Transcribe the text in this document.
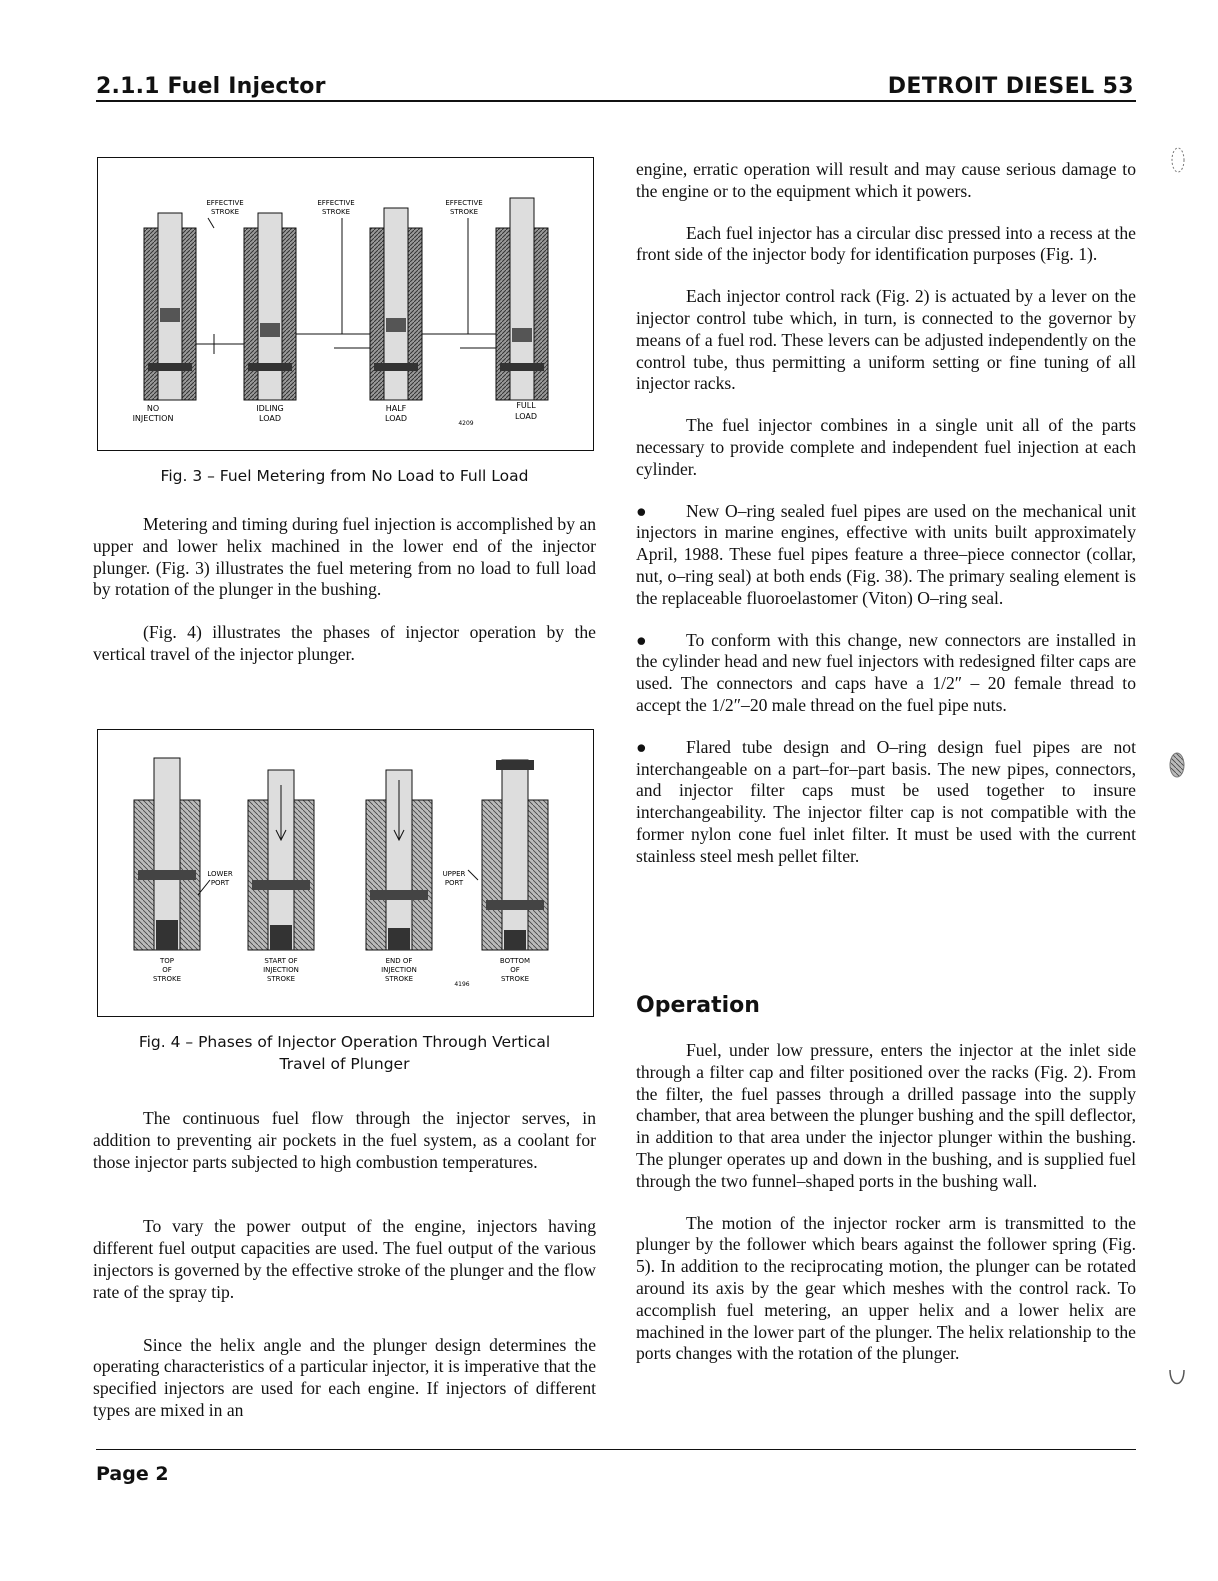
2.1.1 Fuel Injector	DETROIT DIESEL 53
EFFECTIVE
STROKE
EFFECTIVE
STROKE
EFFECTIVE
STROKE
NO
INJECTION
IDLING
LOAD
HALF
LOAD
FULL
LOAD
4209
Fig. 3 – Fuel Metering from No Load to Full Load

Metering and timing during fuel injection is accomplished by an upper and lower helix machined in the lower end of the injector plunger. (Fig. 3) illustrates the fuel metering from no load to full load by rotation of the plunger in the bushing.

(Fig. 4) illustrates the phases of injector operation by the vertical travel of the injector plunger.

LOWER
PORT
UPPER
PORT
TOP
OF
STROKE
START OF
INJECTION
STROKE
END OF
INJECTION
STROKE
BOTTOM
OF
STROKE
4196
Fig. 4 – Phases of Injector Operation Through Vertical
Travel of Plunger

The continuous fuel flow through the injector serves, in addition to preventing air pockets in the fuel system, as a coolant for those injector parts subjected to high combustion temperatures.

To vary the power output of the engine, injectors having different fuel output capacities are used. The fuel output of the various injectors is governed by the effective stroke of the plunger and the flow rate of the spray tip.

Since the helix angle and the plunger design determines the operating characteristics of a particular injector, it is imperative that the specified injectors are used for each engine. If injectors of different types are mixed in an

engine, erratic operation will result and may cause serious damage to the engine or to the equipment which it powers.

Each fuel injector has a circular disc pressed into a recess at the front side of the injector body for identification purposes (Fig. 1).

Each injector control rack (Fig. 2) is actuated by a lever on the injector control tube which, in turn, is connected to the governor by means of a fuel rod. These levers can be adjusted independently on the control tube, thus permitting a uniform setting or fine tuning of all injector racks.

The fuel injector combines in a single unit all of the parts necessary to provide complete and independent fuel injection at each cylinder.

● New O–ring sealed fuel pipes are used on the mechanical unit injectors in marine engines, effective with units built approximately April, 1988. These fuel pipes feature a three–piece connector (collar, nut, o–ring seal) at both ends (Fig. 38). The primary sealing element is the replaceable fluoroelastomer (Viton) O–ring seal.

● To conform with this change, new connectors are installed in the cylinder head and new fuel injectors with redesigned filter caps are used. The connectors and caps have a 1/2″ – 20 female thread to accept the 1/2″–20 male thread on the fuel pipe nuts.

● Flared tube design and O–ring design fuel pipes are not interchangeable on a part–for–part basis. The new pipes, connectors, and injector filter caps must be used together to insure interchangeability. The injector filter cap is not compatible with the former nylon cone fuel inlet filter. It must be used with the current stainless steel mesh pellet filter.

Operation

Fuel, under low pressure, enters the injector at the inlet side through a filter cap and filter positioned over the racks (Fig. 2). From the filter, the fuel passes through a drilled passage into the supply chamber, that area between the plunger bushing and the spill deflector, in addition to that area under the injector plunger within the bushing. The plunger operates up and down in the bushing, and is supplied fuel through the two funnel–shaped ports in the bushing wall.

The motion of the injector rocker arm is transmitted to the plunger by the follower which bears against the follower spring (Fig. 5). In addition to the reciprocating motion, the plunger can be rotated around its axis by the gear which meshes with the control rack. To accomplish fuel metering, an upper helix and a lower helix are machined in the lower part of the plunger. The helix relationship to the ports changes with the rotation of the plunger.

Page 2
